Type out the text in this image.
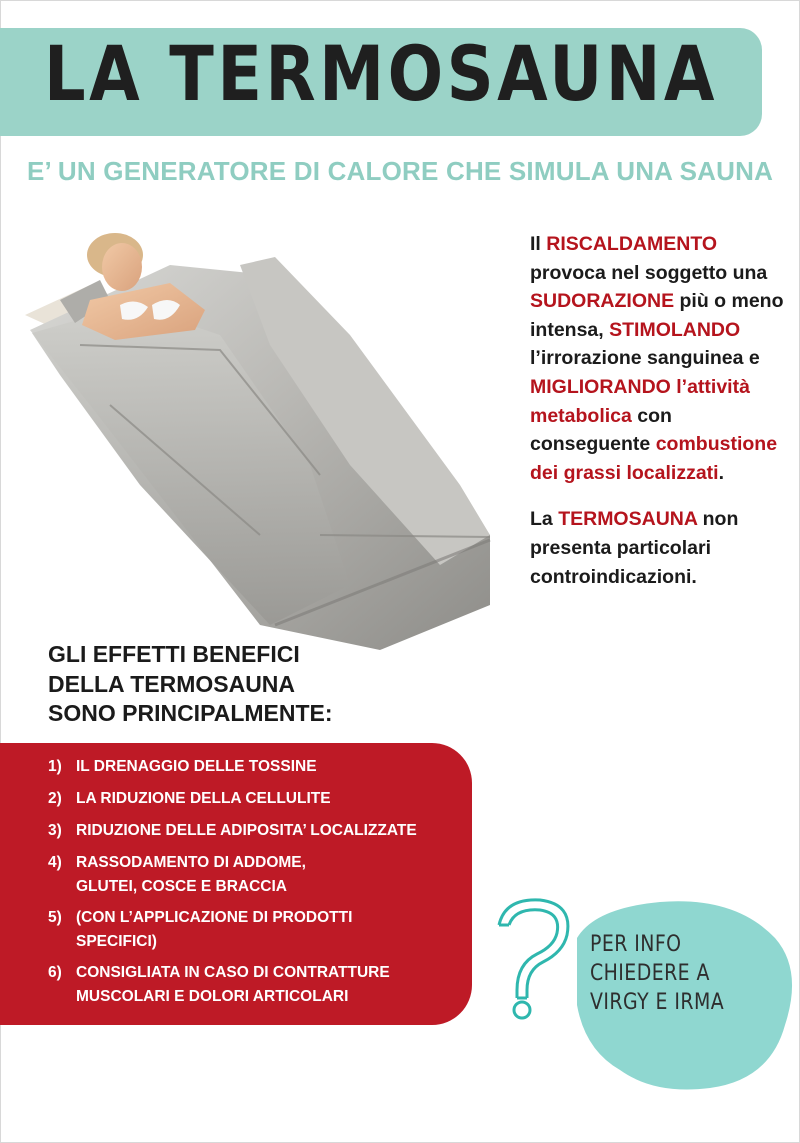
LA TERMOSAUNA
E’ UN GENERATORE DI CALORE CHE SIMULA UNA SAUNA

Il RISCALDAMENTO provoca nel soggetto una SUDORAZIONE più o meno intensa, STIMOLANDO l’irrorazione sanguinea e MIGLIORANDO l’attività metabolica con conseguente combustione dei grassi localizzati.

La TERMOSAUNA non presenta particolari controindicazioni.

GLI EFFETTI BENEFICI
DELLA TERMOSAUNA
SONO PRINCIPALMENTE:
1) IL DRENAGGIO DELLE TOSSINE
2) LA RIDUZIONE DELLA CELLULITE
3) RIDUZIONE DELLE ADIPOSITA’ LOCALIZZATE
4) RASSODAMENTO DI ADDOME,
GLUTEI, COSCE E BRACCIA
5) (CON L’APPLICAZIONE DI PRODOTTI
SPECIFICI)
6) CONSIGLIATA IN CASO DI CONTRATTURE
MUSCOLARI E DOLORI ARTICOLARI
PER INFO
CHIEDERE A
VIRGY E IRMA
